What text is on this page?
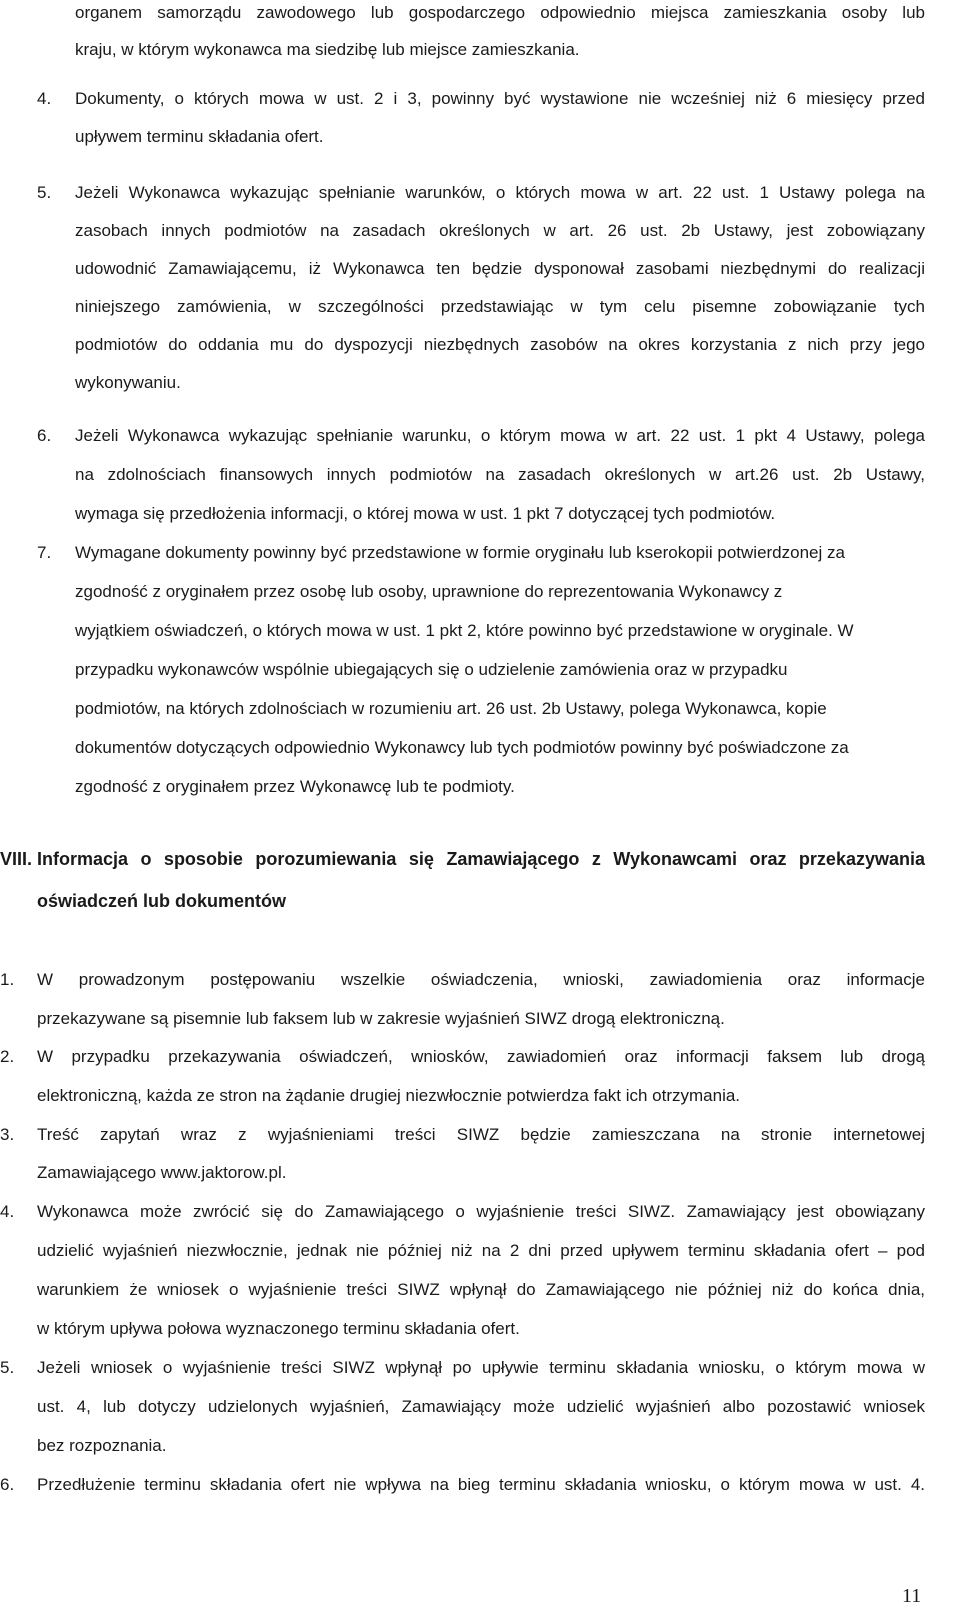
organem samorządu zawodowego lub gospodarczego odpowiednio miejsca zamieszkania osoby lub
kraju, w którym wykonawca ma siedzibę lub miejsce zamieszkania.
4. Dokumenty, o których mowa w ust. 2 i 3, powinny być wystawione nie wcześniej niż 6 miesięcy przed
upływem terminu składania ofert.
5. Jeżeli Wykonawca wykazując spełnianie warunków, o których mowa w art. 22 ust. 1 Ustawy polega na
zasobach innych podmiotów na zasadach określonych w art. 26 ust. 2b Ustawy, jest zobowiązany
udowodnić Zamawiającemu, iż Wykonawca ten będzie dysponował zasobami niezbędnymi do realizacji
niniejszego zamówienia, w szczególności przedstawiając w tym celu pisemne zobowiązanie tych
podmiotów do oddania mu do dyspozycji niezbędnych zasobów na okres korzystania z nich przy jego
wykonywaniu.
6. Jeżeli Wykonawca wykazując spełnianie warunku, o którym mowa w art. 22 ust. 1 pkt 4 Ustawy, polega
na zdolnościach finansowych innych podmiotów na zasadach określonych w art.26 ust. 2b Ustawy,
wymaga się przedłożenia informacji, o której mowa w ust. 1 pkt 7 dotyczącej tych podmiotów.
7. Wymagane dokumenty powinny być przedstawione w formie oryginału lub kserokopii potwierdzonej za
zgodność z oryginałem przez osobę lub osoby, uprawnione do reprezentowania Wykonawcy z
wyjątkiem oświadczeń, o których mowa w ust. 1 pkt 2, które powinno być przedstawione w oryginale. W
przypadku wykonawców wspólnie ubiegających się o udzielenie zamówienia oraz w przypadku
podmiotów, na których zdolnościach w rozumieniu art. 26 ust. 2b Ustawy, polega Wykonawca, kopie
dokumentów dotyczących odpowiednio Wykonawcy lub tych podmiotów powinny być poświadczone za
zgodność z oryginałem przez Wykonawcę lub te podmioty.
VIII. Informacja o sposobie porozumiewania się Zamawiającego z Wykonawcami oraz przekazywania
oświadczeń lub dokumentów
1. W prowadzonym postępowaniu wszelkie oświadczenia, wnioski, zawiadomienia oraz informacje
przekazywane są pisemnie lub faksem lub w zakresie wyjaśnień SIWZ drogą elektroniczną.
2. W przypadku przekazywania oświadczeń, wniosków, zawiadomień oraz informacji faksem lub drogą
elektroniczną, każda ze stron na żądanie drugiej niezwłocznie potwierdza fakt ich otrzymania.
3. Treść zapytań wraz z wyjaśnieniami treści SIWZ będzie zamieszczana na stronie internetowej
Zamawiającego www.jaktorow.pl.
4. Wykonawca może zwrócić się do Zamawiającego o wyjaśnienie treści SIWZ. Zamawiający jest obowiązany
udzielić wyjaśnień niezwłocznie, jednak nie później niż na 2 dni przed upływem terminu składania ofert – pod
warunkiem że wniosek o wyjaśnienie treści SIWZ wpłynął do Zamawiającego nie później niż do końca dnia,
w którym upływa połowa wyznaczonego terminu składania ofert.
5. Jeżeli wniosek o wyjaśnienie treści SIWZ wpłynął po upływie terminu składania wniosku, o którym mowa w
ust. 4, lub dotyczy udzielonych wyjaśnień, Zamawiający może udzielić wyjaśnień albo pozostawić wniosek
bez rozpoznania.
6. Przedłużenie terminu składania ofert nie wpływa na bieg terminu składania wniosku, o którym mowa w ust. 4.
11
